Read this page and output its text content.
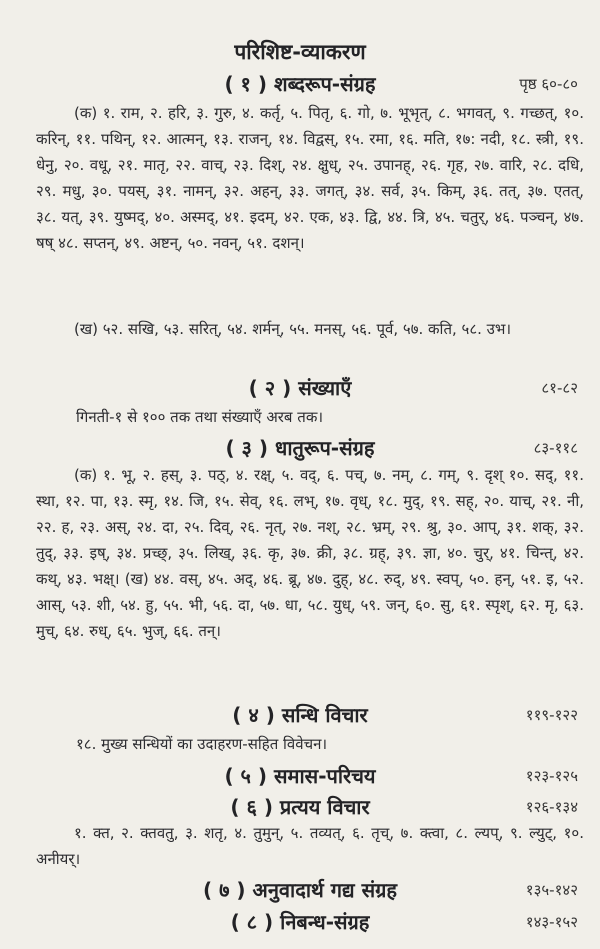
परिशिष्ट-व्याकरण
( १ ) शब्दरूप-संग्रह	पृष्ठ ६०-८०
(क) १. राम, २. हरि, ३. गुरु, ४. कर्तृ, ५. पितृ, ६. गो, ७. भूभृत्, ८. भगवत्, ९. गच्छत्, १०. करिन्, ११. पथिन्, १२. आत्मन्, १३. राजन्, १४. विद्वस्, १५. रमा, १६. मति, १७: नदी, १८. स्त्री, १९. धेनु, २०. वधू, २१. मातृ, २२. वाच्, २३. दिश्, २४. क्षुध्, २५. उपानह्, २६. गृह, २७. वारि, २८. दधि, २९. मधु, ३०. पयस्, ३१. नामन्, ३२. अहन्, ३३. जगत्, ३४. सर्व, ३५. किम्, ३६. तत्, ३७. एतत्, ३८. यत्, ३९. युष्मद्, ४०. अस्मद्, ४१. इदम्, ४२. एक, ४३. द्वि, ४४. त्रि, ४५. चतुर्, ४६. पञ्चन्, ४७. षष् ४८. सप्तन्, ४९. अष्टन्, ५०. नवन्, ५१. दशन्।
(ख) ५२. सखि, ५३. सरित्, ५४. शर्मन्, ५५. मनस्, ५६. पूर्व, ५७. कति, ५८. उभ।
( २ ) संख्याएँ	८१-८२
गिनती-१ से १०० तक तथा संख्याएँ अरब तक।
( ३ ) धातुरूप-संग्रह	८३-११८
(क) १. भू, २. हस्, ३. पठ्, ४. रक्ष्, ५. वद्, ६. पच्, ७. नम्, ८. गम्, ९. दृश् १०. सद्, ११. स्था, १२. पा, १३. स्मृ, १४. जि, १५. सेव्, १६. लभ्, १७. वृध्, १८. मुद्, १९. सह्, २०. याच्, २१. नी, २२. ह, २३. अस्, २४. दा, २५. दिव्, २६. नृत्, २७. नश्, २८. भ्रम्, २९. श्रु, ३०. आप्, ३१. शक्, ३२. तुद्, ३३. इष्, ३४. प्रच्छ्, ३५. लिख्, ३६. कृ, ३७. क्री, ३८. ग्रह्, ३९. ज्ञा, ४०. चुर्, ४१. चिन्त्, ४२. कथ्, ४३. भक्ष्। (ख) ४४. वस्, ४५. अद्, ४६. ब्रू, ४७. दुह्, ४८. रुद्, ४९. स्वप्, ५०. हन्, ५१. इ, ५२. आस्, ५३. शी, ५४. हु, ५५. भी, ५६. दा, ५७. धा, ५८. युध्, ५९. जन्, ६०. सु, ६१. स्पृश्, ६२. मृ, ६३. मुच्, ६४. रुध्, ६५. भुज्, ६६. तन्।
( ४ ) सन्धि विचार	११९-१२२
१८. मुख्य सन्धियों का उदाहरण-सहित विवेचन।
( ५ ) समास-परिचय	१२३-१२५
( ६ ) प्रत्यय विचार	१२६-१३४
१. क्त, २. क्तवतु, ३. शतृ, ४. तुमुन्, ५. तव्यत्, ६. तृच्, ७. क्त्वा, ८. ल्यप्, ९. ल्युट्, १०. अनीयर्।
( ७ ) अनुवादार्थ गद्य संग्रह	१३५-१४२
( ८ ) निबन्ध-संग्रह	१४३-१५२
